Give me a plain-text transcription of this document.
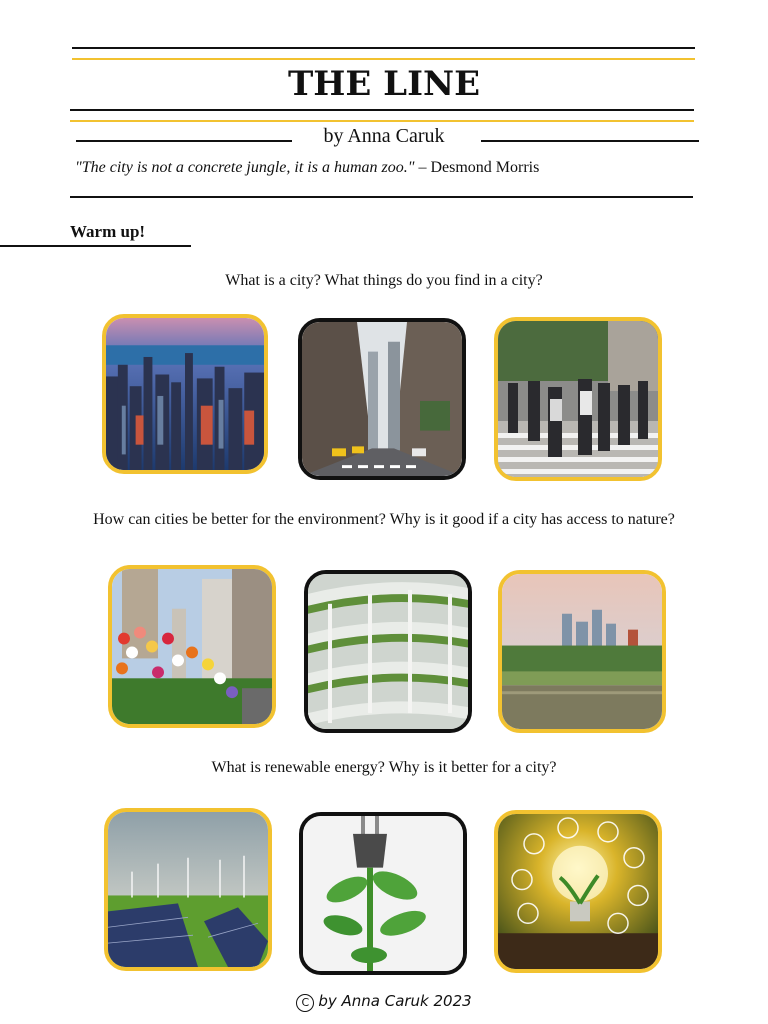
THE LINE
by Anna Caruk
"The city is not a concrete jungle, it is a human zoo." – Desmond Morris
Warm up!
What is a city? What things do you find in a city?
How can cities be better for the environment? Why is it good if a city has access to nature?
What is renewable energy? Why is it better for a city?
C by Anna Caruk 2023
